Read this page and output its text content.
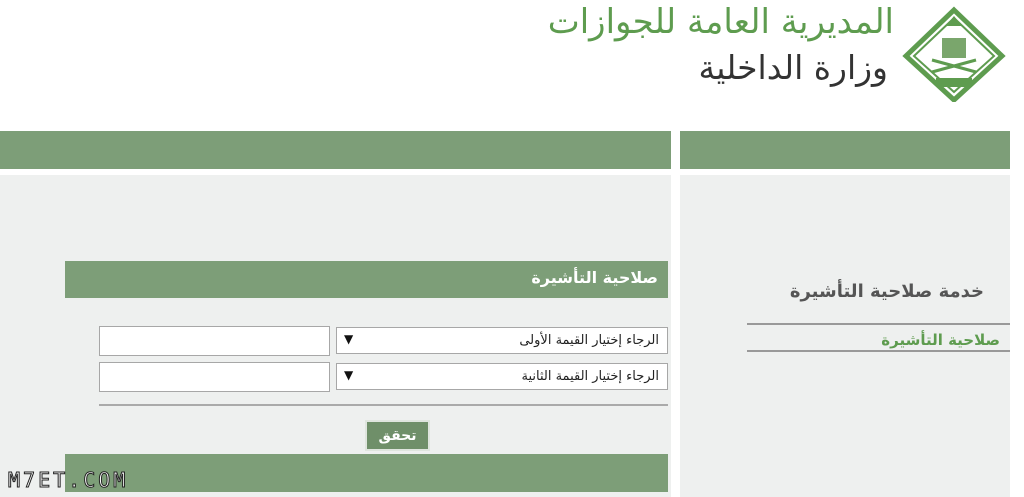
المديرية العامة للجوازات
وزارة الداخلية
خدمة صلاحية التأشيرة
صلاحية التأشيرة
صلاحية التأشيرة
الرجاء إختيار القيمة الأولى
▼
الرجاء إختيار القيمة الثانية
▼
تحقق
M7ET.COM
